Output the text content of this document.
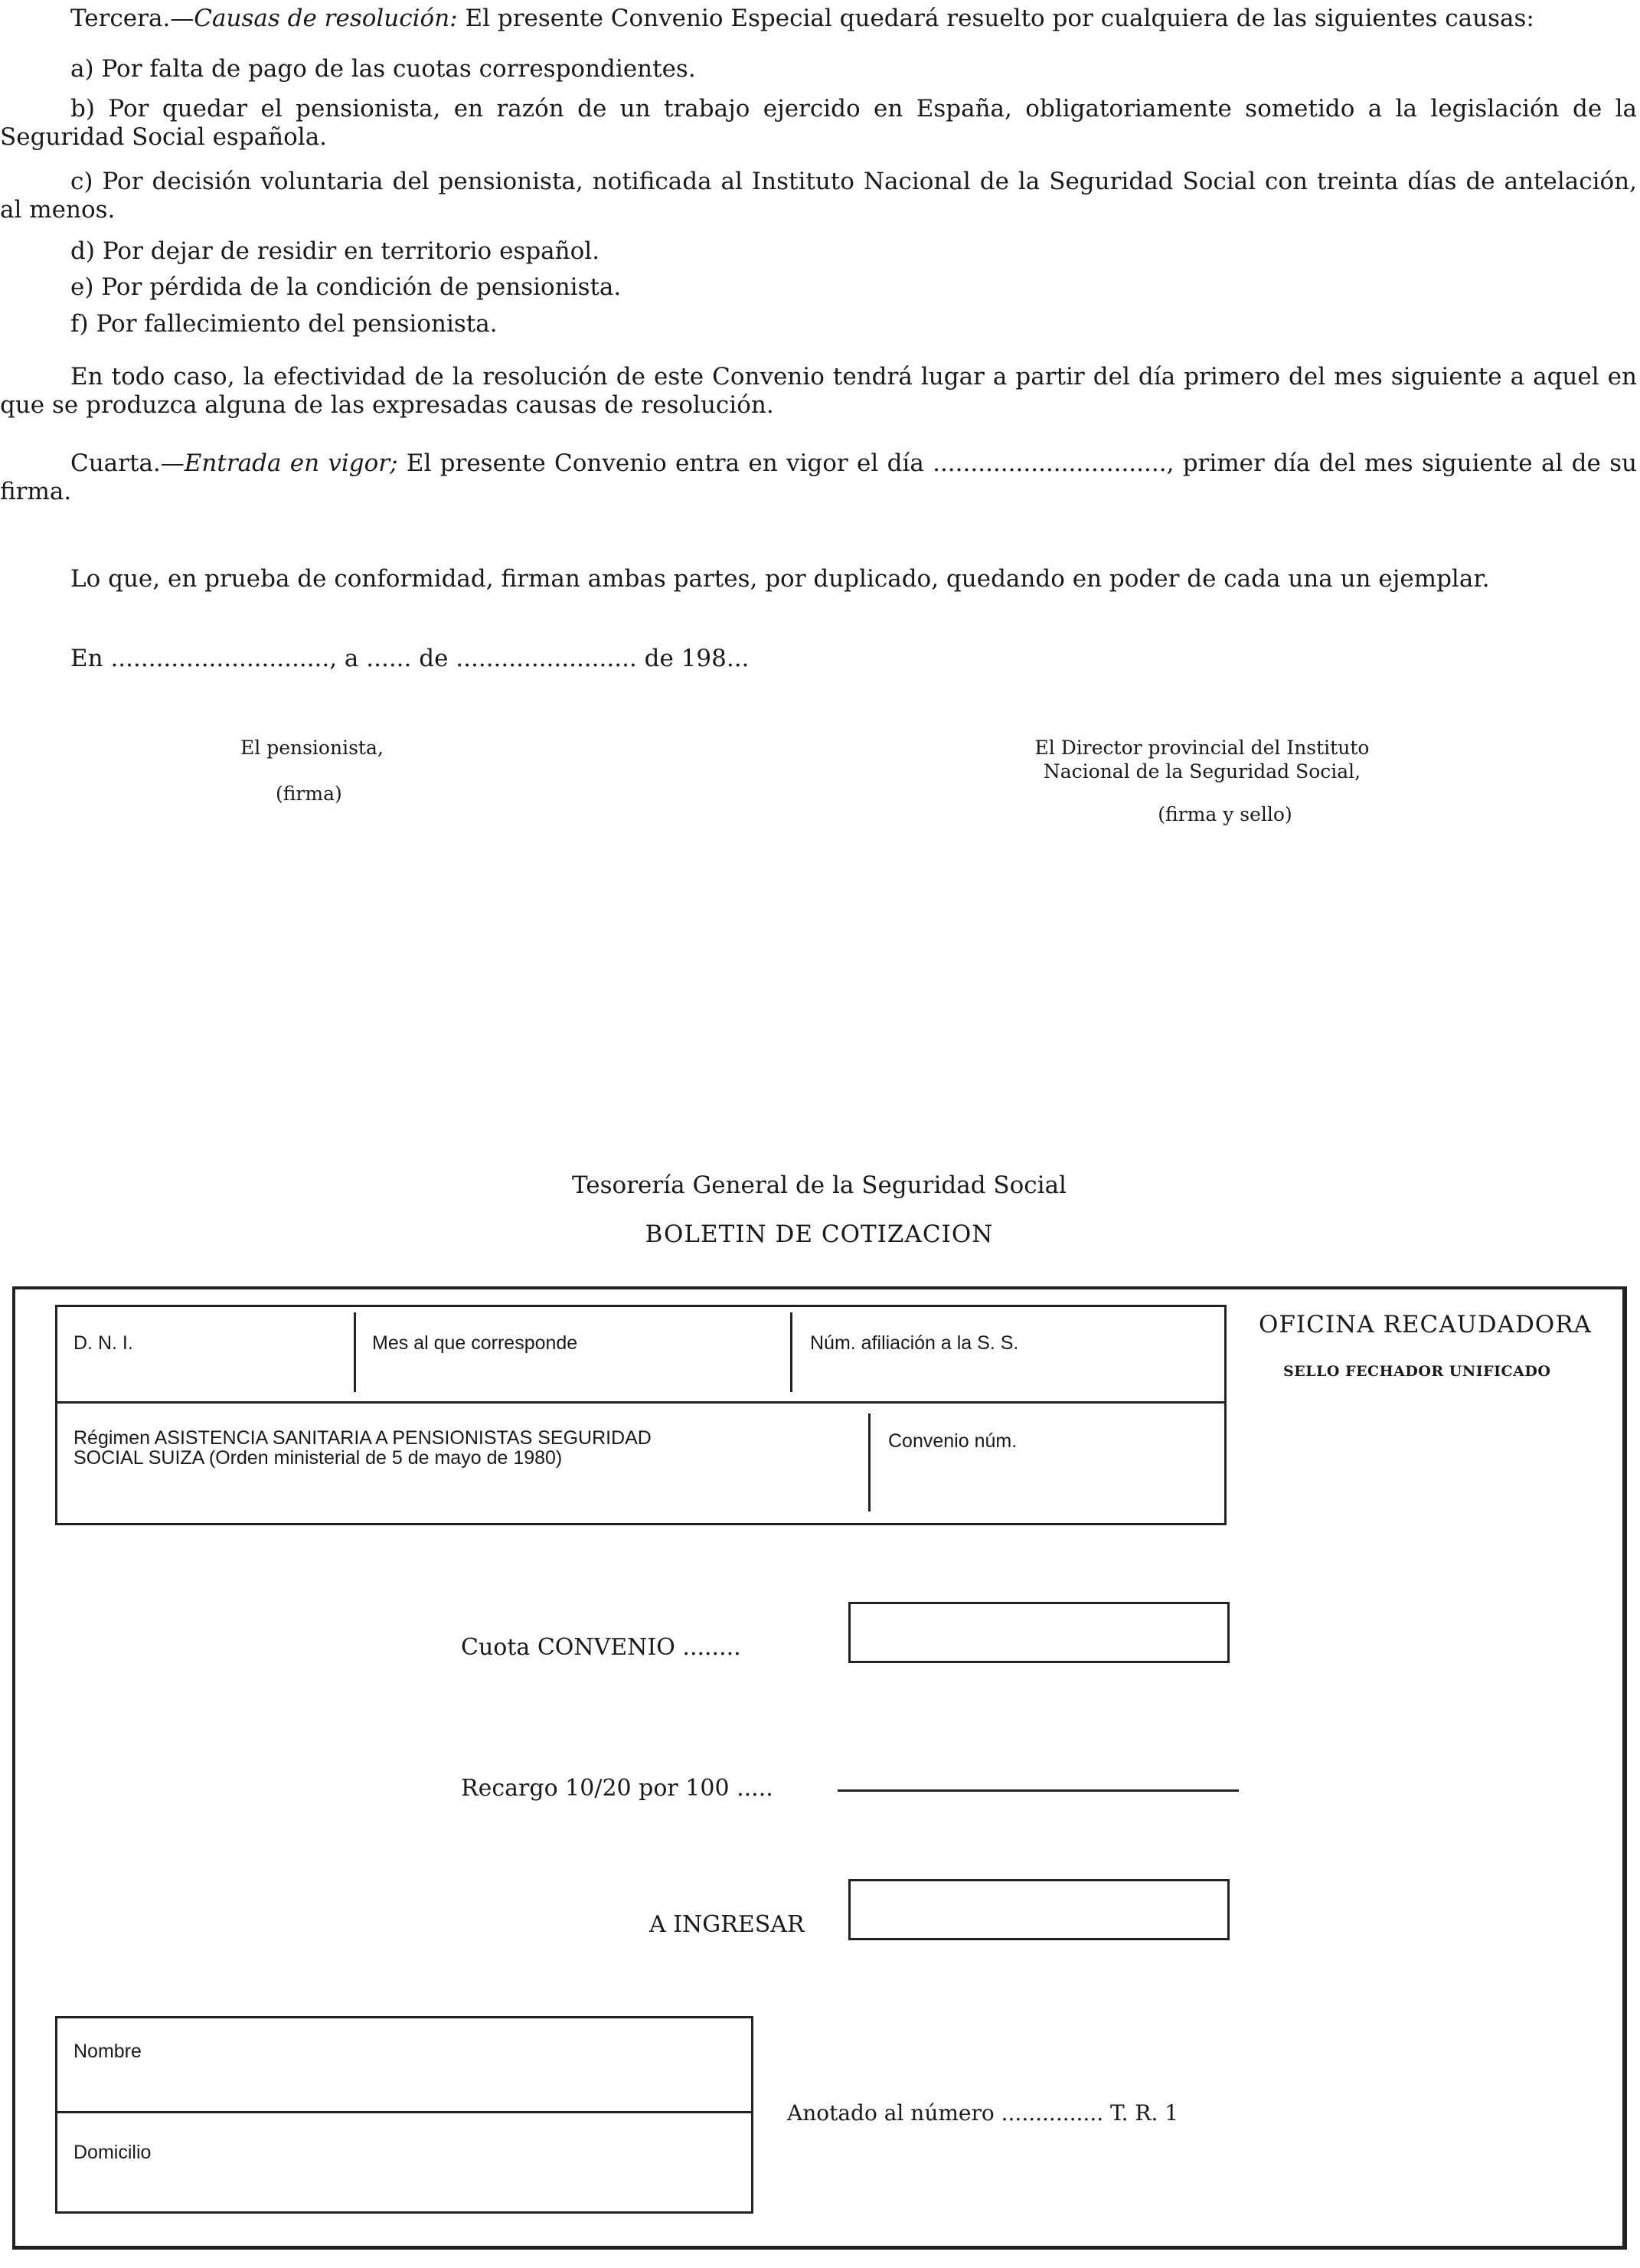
Tercera.—Causas de resolución: El presente Convenio Especial quedará resuelto por cualquiera de las siguientes causas:

a) Por falta de pago de las cuotas correspondientes.

b) Por quedar el pensionista, en razón de un trabajo ejercido en España, obligatoriamente sometido a la legislación de la Seguridad Social española.

c) Por decisión voluntaria del pensionista, notificada al Instituto Nacional de la Seguridad Social con treinta días de antelación, al menos.

d) Por dejar de residir en territorio español.

e) Por pérdida de la condición de pensionista.

f) Por fallecimiento del pensionista.

En todo caso, la efectividad de la resolución de este Convenio tendrá lugar a partir del día primero del mes siguiente a aquel en que se produzca alguna de las expresadas causas de resolución.

Cuarta.—Entrada en vigor; El presente Convenio entra en vigor el día ..............................., primer día del mes siguiente al de su firma.

Lo que, en prueba de conformidad, firman ambas partes, por duplicado, quedando en poder de cada una un ejemplar.

En ............................., a ...... de ........................ de 198...

El pensionista,
(firma)
El Director provincial del Instituto
Nacional de la Seguridad Social,
(firma y sello)
Tesorería General de la Seguridad Social
BOLETIN DE COTIZACION
D. N. I.	Mes al que corresponde	Núm. afiliación a la S. S.
Régimen ASISTENCIA SANITARIA A PENSIONISTAS SEGURIDAD
SOCIAL SUIZA (Orden ministerial de 5 de mayo de 1980)
Convenio núm.
OFICINA RECAUDADORA
SELLO FECHADOR UNIFICADO
Cuota CONVENIO ........
Recargo 10/20 por 100 .....
A INGRESAR
Nombre
Domicilio
Anotado al número ............... T. R. 1
